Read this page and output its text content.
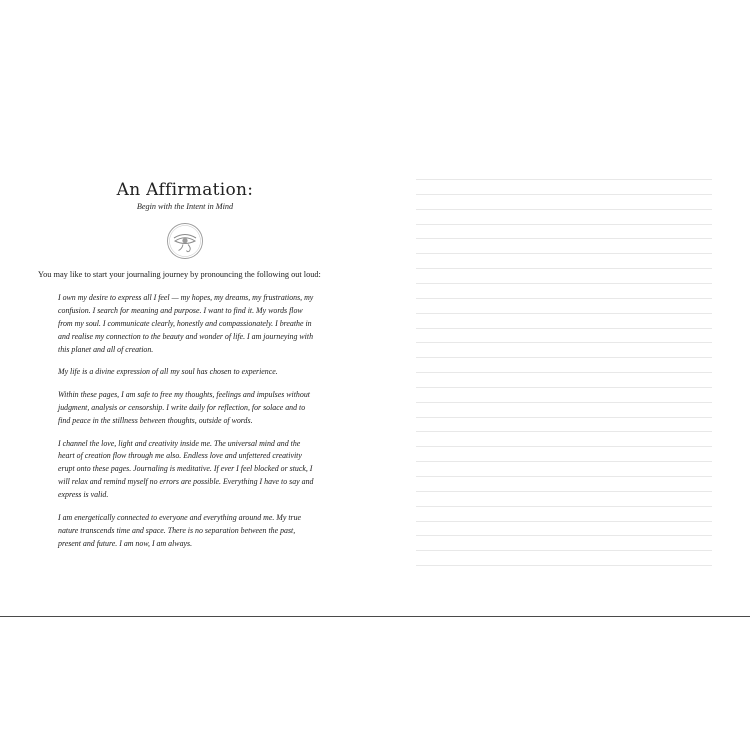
An Affirmation:
Begin with the Intent in Mind
You may like to start your journaling journey by pronouncing the following out loud:

I own my desire to express all I feel — my hopes, my dreams, my frustrations, my confusion. I search for meaning and purpose. I want to find it. My words flow from my soul. I communicate clearly, honestly and compassionately. I breathe in and realise my connection to the beauty and wonder of life. I am journeying with this planet and all of creation.

My life is a divine expression of all my soul has chosen to experience.

Within these pages, I am safe to free my thoughts, feelings and impulses without judgment, analysis or censorship. I write daily for reflection, for solace and to find peace in the stillness between thoughts, outside of words.

I channel the love, light and creativity inside me. The universal mind and the heart of creation flow through me also. Endless love and unfettered creativity erupt onto these pages. Journaling is meditative. If ever I feel blocked or stuck, I will relax and remind myself no errors are possible. Everything I have to say and express is valid.

I am energetically connected to everyone and everything around me. My true nature transcends time and space. There is no separation between the past, present and future. I am now, I am always.
